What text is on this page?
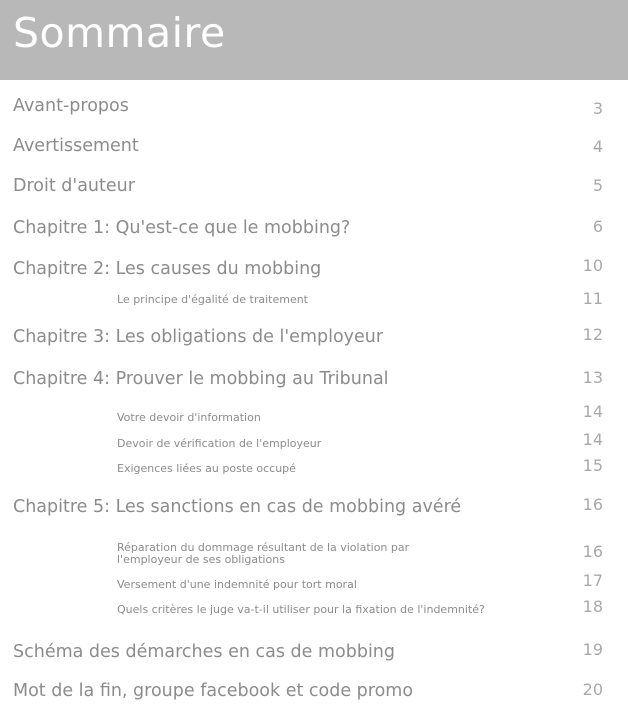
Sommaire
Avant-propos	3
Avertissement	4
Droit d'auteur	5
Chapitre 1: Qu'est-ce que le mobbing?	6
Chapitre 2: Les causes du mobbing	10
Le principe d'égalité de traitement	11
Chapitre 3: Les obligations de l'employeur	12
Chapitre 4: Prouver le mobbing au Tribunal	13
Votre devoir d'information	14
Devoir de vérification de l'employeur	14
Exigences liées au poste occupé	15
Chapitre 5: Les sanctions en cas de mobbing avéré	16
Réparation du dommage résultant de la violation par
l'employeur de ses obligations	16
Versement d'une indemnité pour tort moral	17
Quels critères le juge va-t-il utiliser pour la fixation de l'indemnité?	18
Schéma des démarches en cas de mobbing	19
Mot de la fin, groupe facebook et code promo	20
